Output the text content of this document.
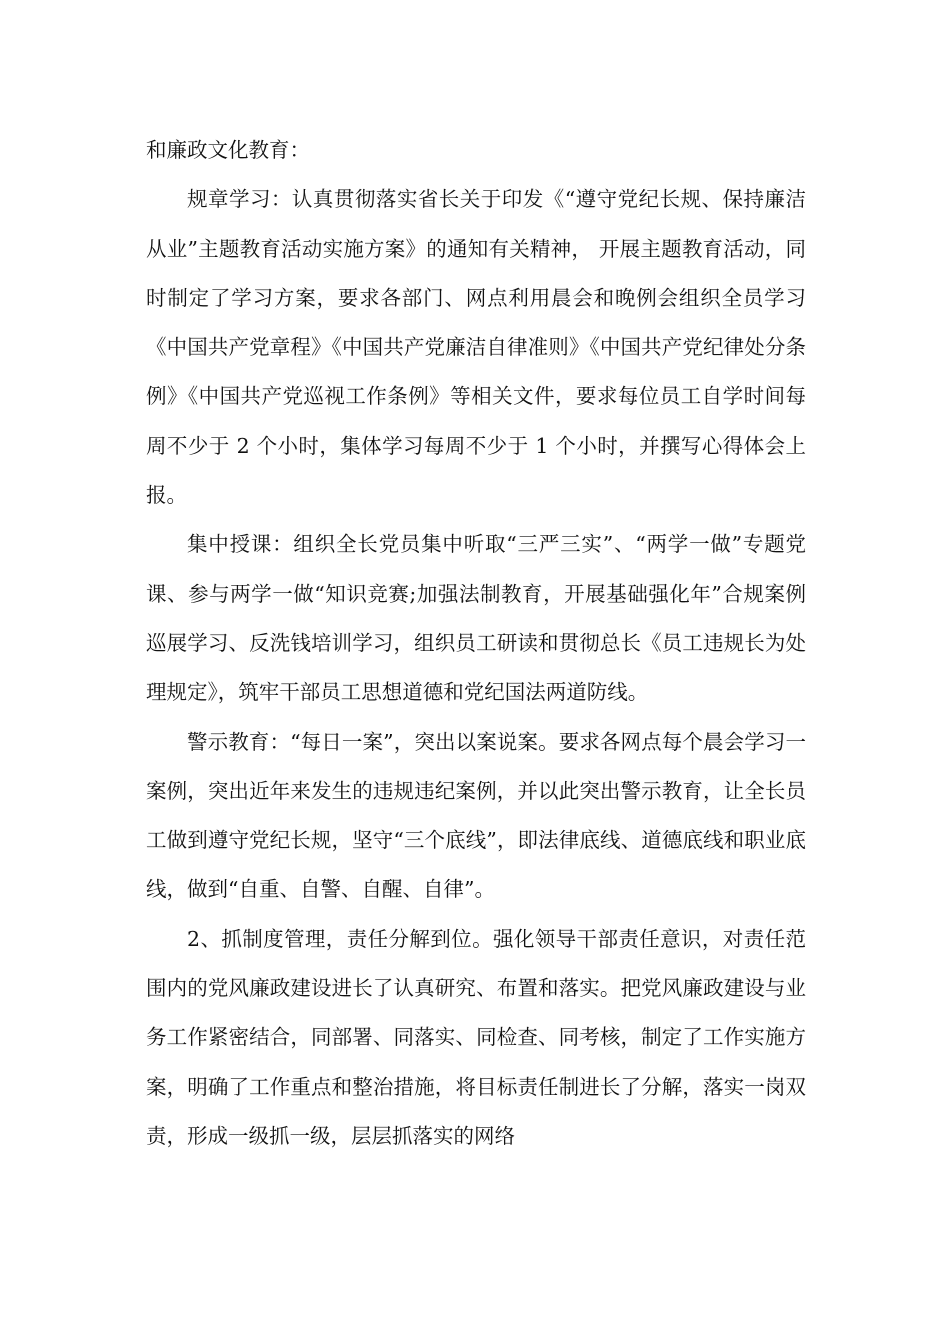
和廉政文化教育：

规章学习：认真贯彻落实省长关于印发《“遵守党纪长规、保持廉洁从业”主题教育活动实施方案》的通知有关精神， 开展主题教育活动，同时制定了学习方案，要求各部门、网点利用晨会和晚例会组织全员学习《中国共产党章程》《中国共产党廉洁自律准则》《中国共产党纪律处分条例》《中国共产党巡视工作条例》等相关文件，要求每位员工自学时间每周不少于 2 个小时，集体学习每周不少于 1 个小时，并撰写心得体会上报。

集中授课：组织全长党员集中听取“三严三实”、“两学一做”专题党课、参与两学一做“知识竞赛;加强法制教育，开展基础强化年”合规案例巡展学习、反洗钱培训学习，组织员工研读和贯彻总长《员工违规长为处理规定》，筑牢干部员工思想道德和党纪国法两道防线。

警示教育：“每日一案”，突出以案说案。要求各网点每个晨会学习一案例，突出近年来发生的违规违纪案例，并以此突出警示教育，让全长员工做到遵守党纪长规，坚守“三个底线”，即法律底线、道德底线和职业底线，做到“自重、自警、自醒、自律”。

2、抓制度管理，责任分解到位。强化领导干部责任意识，对责任范围内的党风廉政建设进长了认真研究、布置和落实。把党风廉政建设与业务工作紧密结合，同部署、同落实、同检查、同考核，制定了工作实施方案，明确了工作重点和整治措施，将目标责任制进长了分解，落实一岗双责，形成一级抓一级，层层抓落实的网络
